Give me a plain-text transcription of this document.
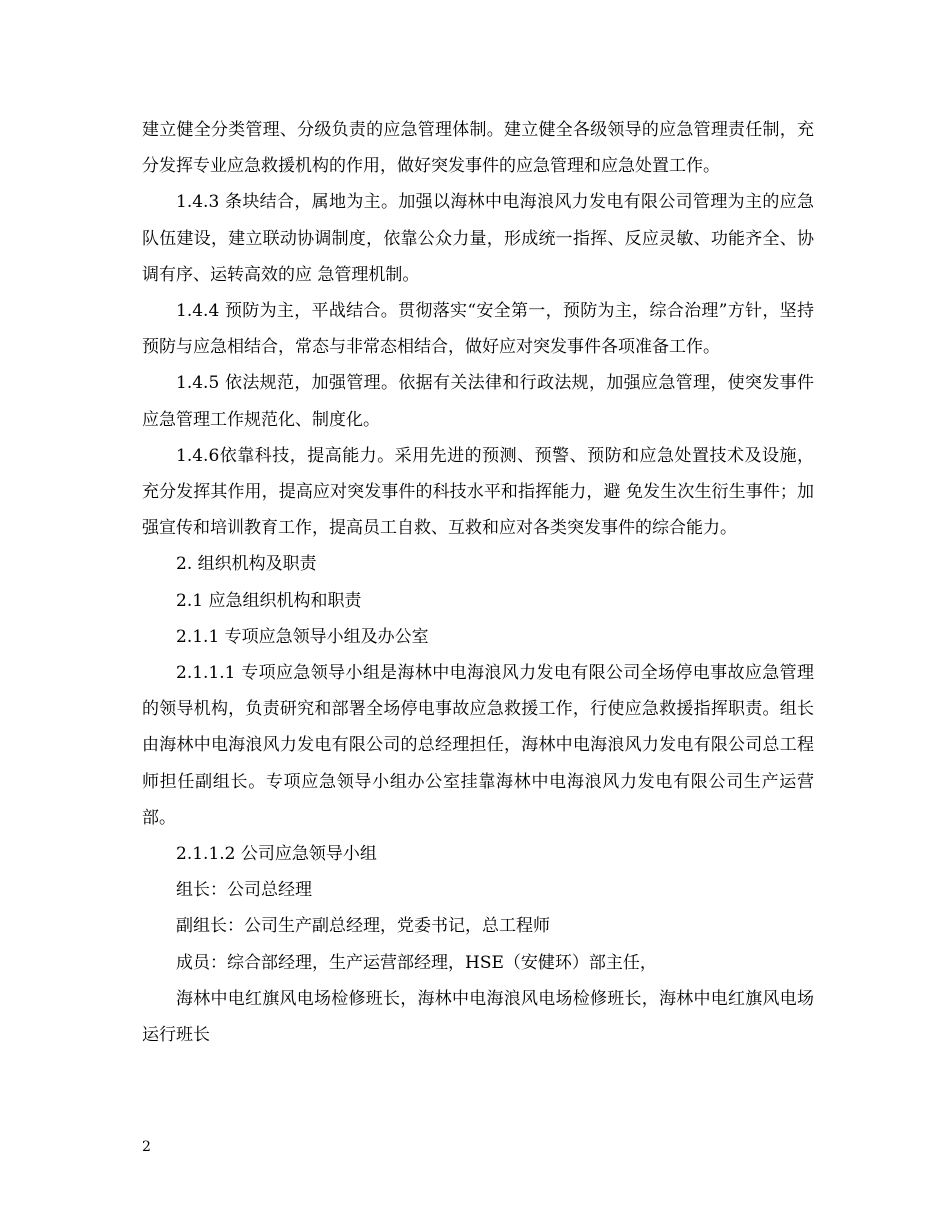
建立健全分类管理、分级负责的应急管理体制。建立健全各级领导的应急管理责任制，充分发挥专业应急救援机构的作用，做好突发事件的应急管理和应急处置工作。

1.4.3 条块结合，属地为主。加强以海林中电海浪风力发电有限公司管理为主的应急队伍建设，建立联动协调制度，依靠公众力量，形成统一指挥、反应灵敏、功能齐全、协调有序、运转高效的应 急管理机制。

1.4.4 预防为主，平战结合。贯彻落实“安全第一，预防为主，综合治理”方针，坚持预防与应急相结合，常态与非常态相结合，做好应对突发事件各项准备工作。

1.4.5 依法规范，加强管理。依据有关法律和行政法规，加强应急管理，使突发事件应急管理工作规范化、制度化。

1.4.6依靠科技，提高能力。采用先进的预测、预警、预防和应急处置技术及设施， 充分发挥其作用，提高应对突发事件的科技水平和指挥能力，避 免发生次生衍生事件；加强宣传和培训教育工作，提高员工自救、互救和应对各类突发事件的综合能力。

2. 组织机构及职责

2.1 应急组织机构和职责

2.1.1 专项应急领导小组及办公室

2.1.1.1 专项应急领导小组是海林中电海浪风力发电有限公司全场停电事故应急管理的领导机构，负责研究和部署全场停电事故应急救援工作，行使应急救援指挥职责。组长由海林中电海浪风力发电有限公司的总经理担任，海林中电海浪风力发电有限公司总工程师担任副组长。专项应急领导小组办公室挂靠海林中电海浪风力发电有限公司生产运营部。

2.1.1.2 公司应急领导小组

组长：公司总经理

副组长：公司生产副总经理，党委书记，总工程师

成员：综合部经理，生产运营部经理，HSE（安健环）部主任，

海林中电红旗风电场检修班长，海林中电海浪风电场检修班长，海林中电红旗风电场运行班长

2
